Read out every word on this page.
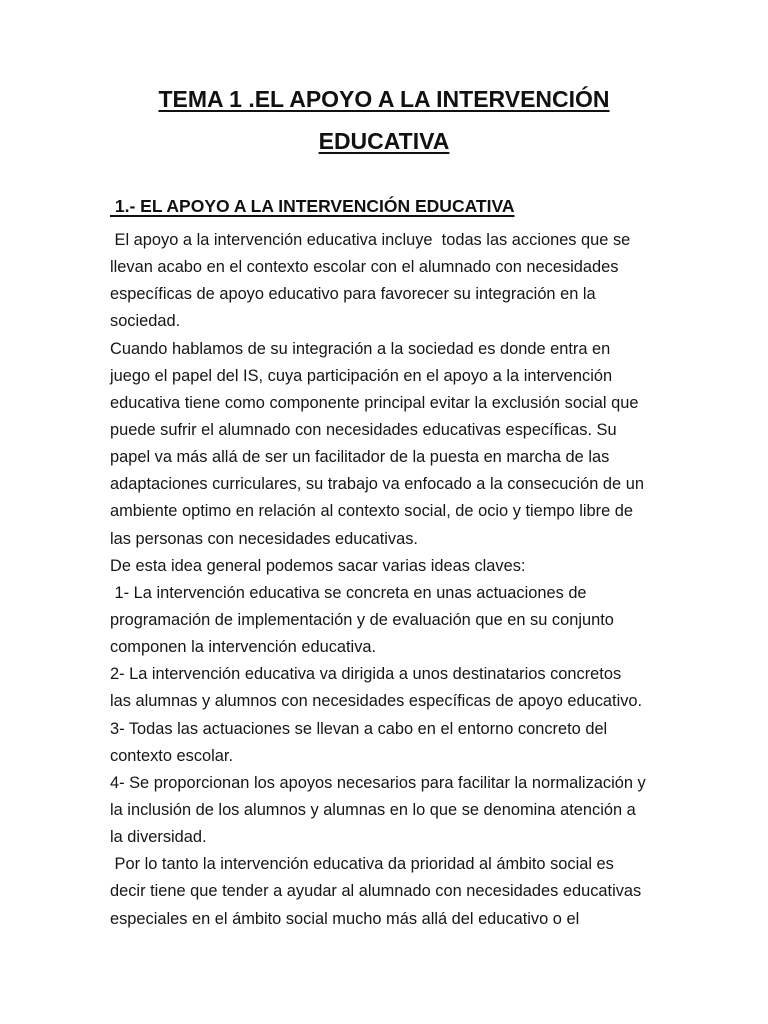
TEMA 1 .EL APOYO A LA INTERVENCIÓN
EDUCATIVA
1.- EL APOYO A LA INTERVENCIÓN EDUCATIVA
El apoyo a la intervención educativa incluye  todas las acciones que se
llevan acabo en el contexto escolar con el alumnado con necesidades
específicas de apoyo educativo para favorecer su integración en la
sociedad.
Cuando hablamos de su integración a la sociedad es donde entra en
juego el papel del IS, cuya participación en el apoyo a la intervención
educativa tiene como componente principal evitar la exclusión social que
puede sufrir el alumnado con necesidades educativas específicas. Su
papel va más allá de ser un facilitador de la puesta en marcha de las
adaptaciones curriculares, su trabajo va enfocado a la consecución de un
ambiente optimo en relación al contexto social, de ocio y tiempo libre de
las personas con necesidades educativas.
De esta idea general podemos sacar varias ideas claves:
1- La intervención educativa se concreta en unas actuaciones de
programación de implementación y de evaluación que en su conjunto
componen la intervención educativa.
2- La intervención educativa va dirigida a unos destinatarios concretos
las alumnas y alumnos con necesidades específicas de apoyo educativo.
3- Todas las actuaciones se llevan a cabo en el entorno concreto del
contexto escolar.
4- Se proporcionan los apoyos necesarios para facilitar la normalización y
la inclusión de los alumnos y alumnas en lo que se denomina atención a
la diversidad.
Por lo tanto la intervención educativa da prioridad al ámbito social es
decir tiene que tender a ayudar al alumnado con necesidades educativas
especiales en el ámbito social mucho más allá del educativo o el
